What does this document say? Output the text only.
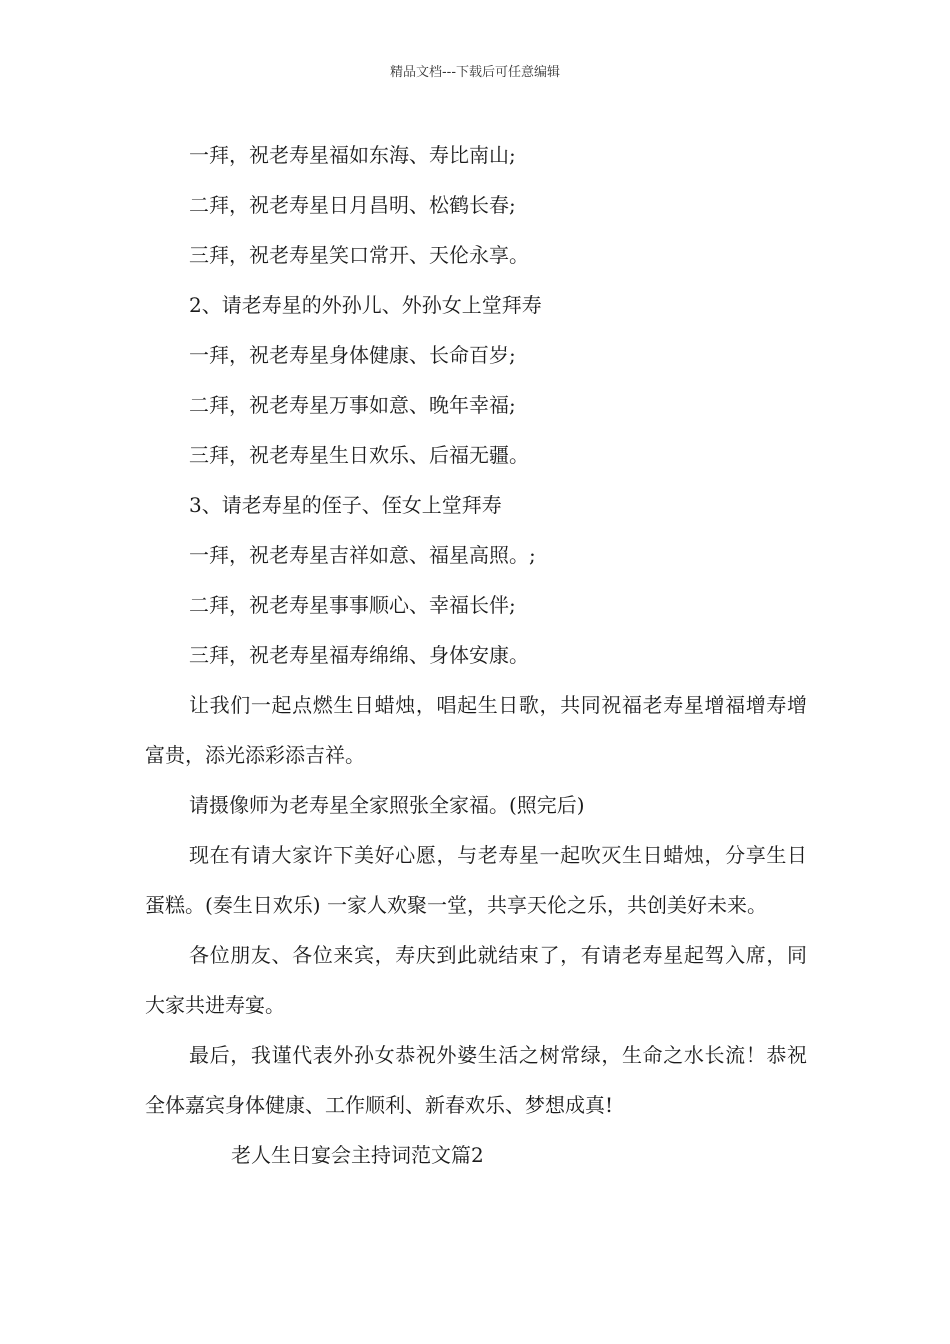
精品文档---下载后可任意编辑

一拜，祝老寿星福如东海、寿比南山;

二拜，祝老寿星日月昌明、松鹤长春;

三拜，祝老寿星笑口常开、天伦永享。

2、请老寿星的外孙儿、外孙女上堂拜寿

一拜，祝老寿星身体健康、长命百岁;

二拜，祝老寿星万事如意、晚年幸福;

三拜，祝老寿星生日欢乐、后福无疆。

3、请老寿星的侄子、侄女上堂拜寿

一拜，祝老寿星吉祥如意、福星高照。;

二拜，祝老寿星事事顺心、幸福长伴;

三拜，祝老寿星福寿绵绵、身体安康。

让我们一起点燃生日蜡烛，唱起生日歌，共同祝福老寿星增福增寿增富贵，添光添彩添吉祥。

请摄像师为老寿星全家照张全家福。(照完后)

现在有请大家许下美好心愿，与老寿星一起吹灭生日蜡烛，分享生日蛋糕。(奏生日欢乐) 一家人欢聚一堂，共享天伦之乐，共创美好未来。

各位朋友、各位来宾，寿庆到此就结束了，有请老寿星起驾入席，同大家共进寿宴。

最后，我谨代表外孙女恭祝外婆生活之树常绿，生命之水长流！恭祝全体嘉宾身体健康、工作顺利、新春欢乐、梦想成真!

老人生日宴会主持词范文篇2
